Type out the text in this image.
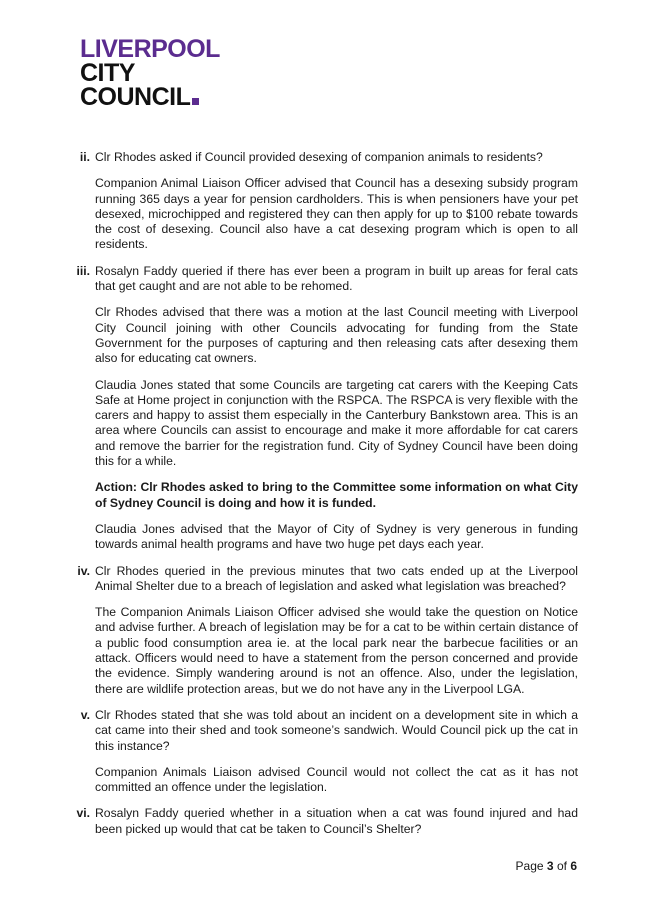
LIVERPOOL
CITY
COUNCIL
ii. Clr Rhodes asked if Council provided desexing of companion animals to residents?

Companion Animal Liaison Officer advised that Council has a desexing subsidy program running 365 days a year for pension cardholders. This is when pensioners have your pet desexed, microchipped and registered they can then apply for up to $100 rebate towards the cost of desexing. Council also have a cat desexing program which is open to all residents.

iii. Rosalyn Faddy queried if there has ever been a program in built up areas for feral cats that get caught and are not able to be rehomed.

Clr Rhodes advised that there was a motion at the last Council meeting with Liverpool City Council joining with other Councils advocating for funding from the State Government for the purposes of capturing and then releasing cats after desexing them also for educating cat owners.

Claudia Jones stated that some Councils are targeting cat carers with the Keeping Cats Safe at Home project in conjunction with the RSPCA. The RSPCA is very flexible with the carers and happy to assist them especially in the Canterbury Bankstown area. This is an area where Councils can assist to encourage and make it more affordable for cat carers and remove the barrier for the registration fund. City of Sydney Council have been doing this for a while.

Action: Clr Rhodes asked to bring to the Committee some information on what City of Sydney Council is doing and how it is funded.

Claudia Jones advised that the Mayor of City of Sydney is very generous in funding towards animal health programs and have two huge pet days each year.

iv. Clr Rhodes queried in the previous minutes that two cats ended up at the Liverpool Animal Shelter due to a breach of legislation and asked what legislation was breached?

The Companion Animals Liaison Officer advised she would take the question on Notice and advise further. A breach of legislation may be for a cat to be within certain distance of a public food consumption area ie. at the local park near the barbecue facilities or an attack. Officers would need to have a statement from the person concerned and provide the evidence. Simply wandering around is not an offence. Also, under the legislation, there are wildlife protection areas, but we do not have any in the Liverpool LGA.

v. Clr Rhodes stated that she was told about an incident on a development site in which a cat came into their shed and took someone’s sandwich. Would Council pick up the cat in this instance?

Companion Animals Liaison advised Council would not collect the cat as it has not committed an offence under the legislation.

vi. Rosalyn Faddy queried whether in a situation when a cat was found injured and had been picked up would that cat be taken to Council’s Shelter?

Page 3 of 6
